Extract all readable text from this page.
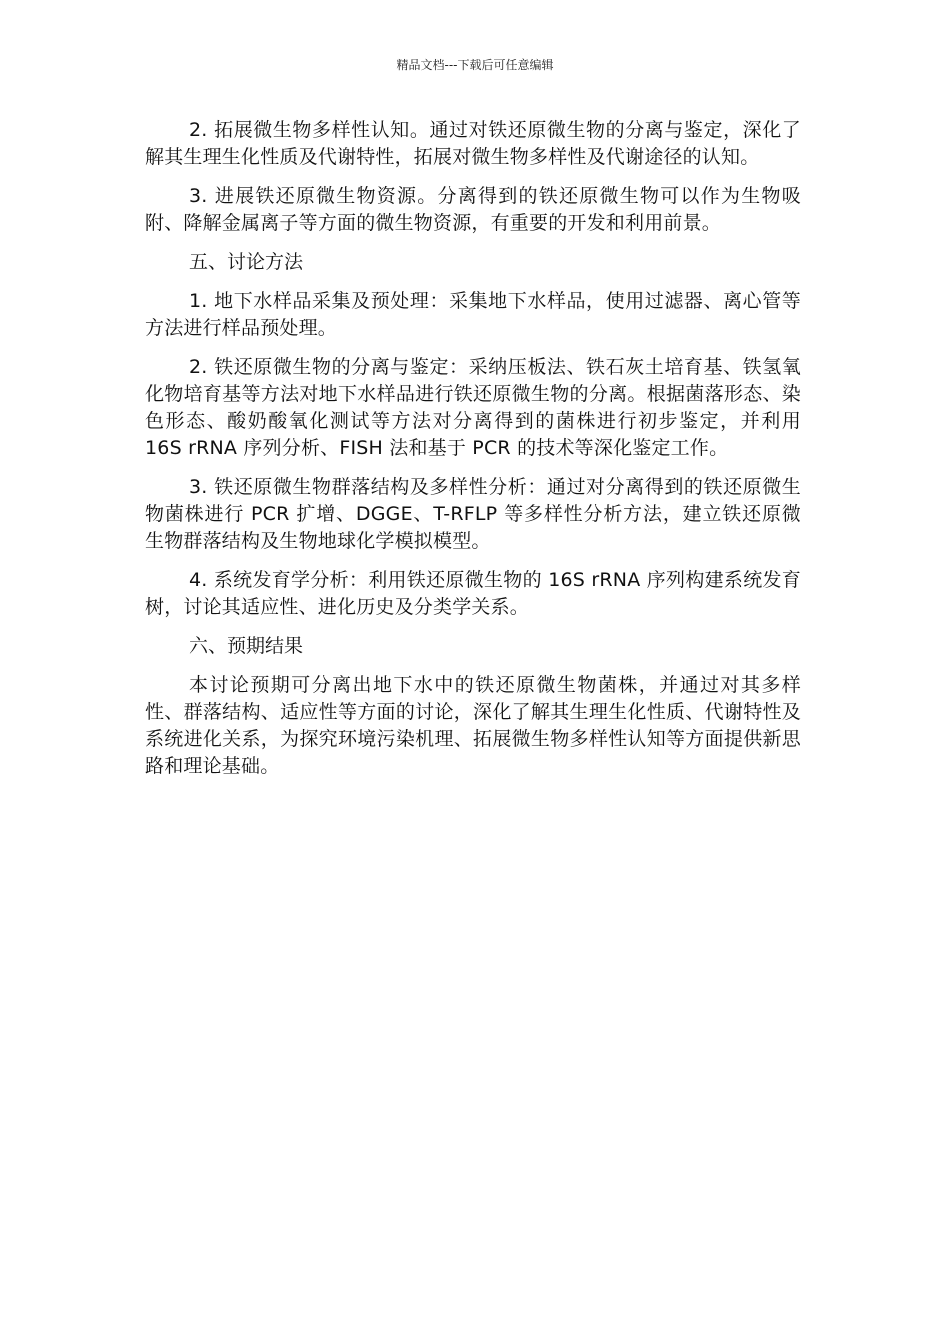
精品文档---下载后可任意编辑

2. 拓展微生物多样性认知。通过对铁还原微生物的分离与鉴定，深化了解其生理生化性质及代谢特性，拓展对微生物多样性及代谢途径的认知。

3. 进展铁还原微生物资源。分离得到的铁还原微生物可以作为生物吸附、降解金属离子等方面的微生物资源，有重要的开发和利用前景。

五、讨论方法

1. 地下水样品采集及预处理：采集地下水样品，使用过滤器、离心管等方法进行样品预处理。

2. 铁还原微生物的分离与鉴定：采纳压板法、铁石灰土培育基、铁氢氧化物培育基等方法对地下水样品进行铁还原微生物的分离。根据菌落形态、染色形态、酸奶酸氧化测试等方法对分离得到的菌株进行初步鉴定，并利用 16S rRNA 序列分析、FISH 法和基于 PCR 的技术等深化鉴定工作。

3. 铁还原微生物群落结构及多样性分析：通过对分离得到的铁还原微生物菌株进行 PCR 扩增、DGGE、T-RFLP 等多样性分析方法，建立铁还原微生物群落结构及生物地球化学模拟模型。

4. 系统发育学分析：利用铁还原微生物的 16S rRNA 序列构建系统发育树，讨论其适应性、进化历史及分类学关系。

六、预期结果

本讨论预期可分离出地下水中的铁还原微生物菌株，并通过对其多样性、群落结构、适应性等方面的讨论，深化了解其生理生化性质、代谢特性及系统进化关系，为探究环境污染机理、拓展微生物多样性认知等方面提供新思路和理论基础。
